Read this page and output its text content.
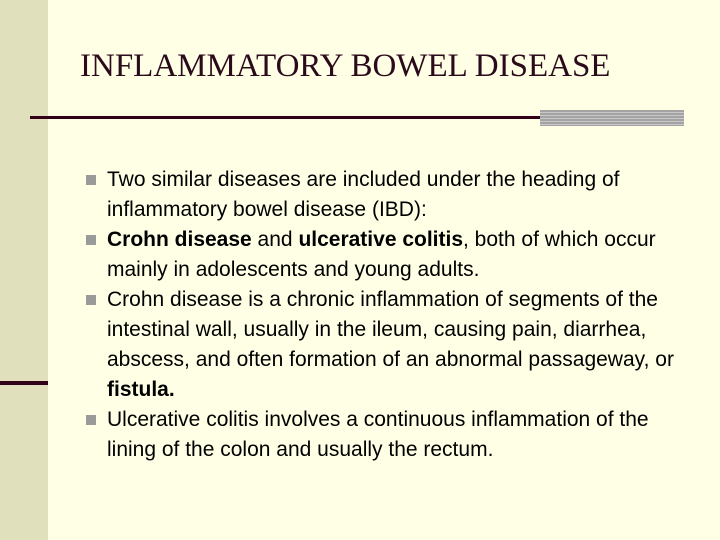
INFLAMMATORY BOWEL DISEASE
Two similar diseases are included under the heading of inflammatory bowel disease (IBD):
Crohn disease and ulcerative colitis, both of which occur mainly in adolescents and young adults.
Crohn disease is a chronic inflammation of segments of the intestinal wall, usually in the ileum, causing pain, diarrhea, abscess, and often formation of an abnormal passageway, or fistula.
Ulcerative colitis involves a continuous inflammation of the lining of the colon and usually the rectum.
